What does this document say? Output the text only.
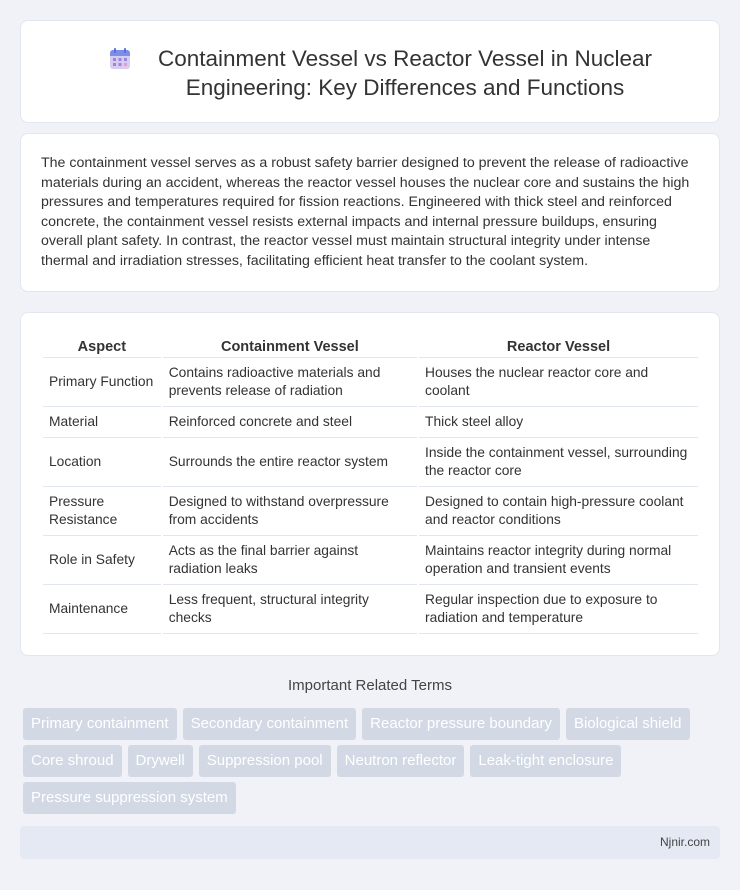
Containment Vessel vs Reactor Vessel in Nuclear Engineering: Key Differences and Functions

The containment vessel serves as a robust safety barrier designed to prevent the release of radioactive materials during an accident, whereas the reactor vessel houses the nuclear core and sustains the high pressures and temperatures required for fission reactions. Engineered with thick steel and reinforced concrete, the containment vessel resists external impacts and internal pressure buildups, ensuring overall plant safety. In contrast, the reactor vessel must maintain structural integrity under intense thermal and irradiation stresses, facilitating efficient heat transfer to the coolant system.

Aspect	Containment Vessel	Reactor Vessel
Primary Function	Contains radioactive materials and prevents release of radiation	Houses the nuclear reactor core and coolant
Material	Reinforced concrete and steel	Thick steel alloy
Location	Surrounds the entire reactor system	Inside the containment vessel, surrounding the reactor core
Pressure Resistance	Designed to withstand overpressure from accidents	Designed to contain high-pressure coolant and reactor conditions
Role in Safety	Acts as the final barrier against radiation leaks	Maintains reactor integrity during normal operation and transient events
Maintenance	Less frequent, structural integrity checks	Regular inspection due to exposure to radiation and temperature
Important Related Terms
Primary containment	Secondary containment	Reactor pressure boundary	Biological shield
Core shroud	Drywell	Suppression pool	Neutron reflector	Leak-tight enclosure
Pressure suppression system
Njnir.com
